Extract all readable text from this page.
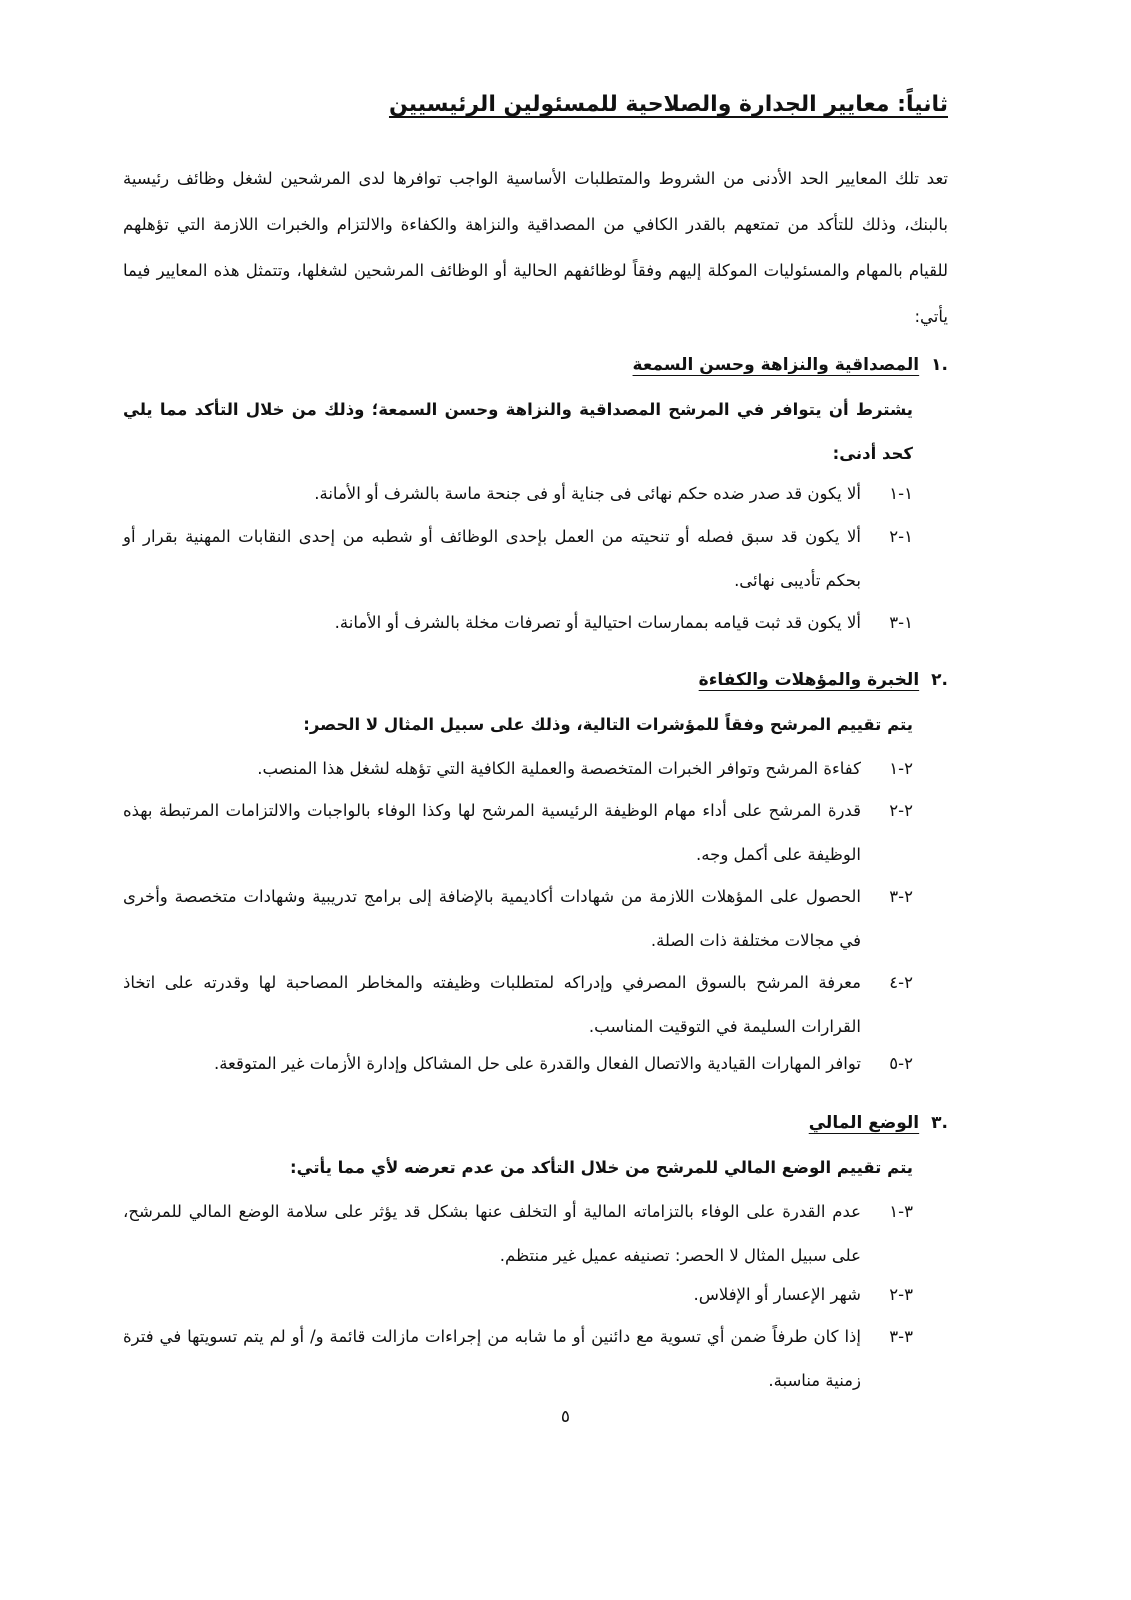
ثانياً: معايير الجدارة والصلاحية للمسئولين الرئيسيين

تعد تلك المعايير الحد الأدنى من الشروط والمتطلبات الأساسية الواجب توافرها لدى المرشحين لشغل وظائف رئيسية بالبنك، وذلك للتأكد من تمتعهم بالقدر الكافي من المصداقية والنزاهة والكفاءة والالتزام والخبرات اللازمة التي تؤهلهم للقيام بالمهام والمسئوليات الموكلة إليهم وفقاً لوظائفهم الحالية أو الوظائف المرشحين لشغلها، وتتمثل هذه المعايير فيما يأتي:

.١
المصداقية والنزاهة وحسن السمعة
يشترط أن يتوافر في المرشح المصداقية والنزاهة وحسن السمعة؛ وذلك من خلال التأكد مما يلي كحد أدنى:
١-١
ألا يكون قد صدر ضده حكم نهائى فى جناية أو فى جنحة ماسة بالشرف أو الأمانة.
١-٢
ألا يكون قد سبق فصله أو تنحيته من العمل بإحدى الوظائف أو شطبه من إحدى النقابات المهنية بقرار أو بحكم تأديبى نهائى.
١-٣
ألا يكون قد ثبت قيامه بممارسات احتيالية أو تصرفات مخلة بالشرف أو الأمانة.
.٢
الخبرة والمؤهلات والكفاءة
يتم تقييم المرشح وفقاً للمؤشرات التالية، وذلك على سبيل المثال لا الحصر:
٢-١
كفاءة المرشح وتوافر الخبرات المتخصصة والعملية الكافية التي تؤهله لشغل هذا المنصب.
٢-٢
قدرة المرشح على أداء مهام الوظيفة الرئيسية المرشح لها وكذا الوفاء بالواجبات والالتزامات المرتبطة بهذه الوظيفة على أكمل وجه.
٢-٣
الحصول على المؤهلات اللازمة من شهادات أكاديمية بالإضافة إلى برامج تدريبية وشهادات متخصصة وأخرى في مجالات مختلفة ذات الصلة.
٢-٤
معرفة المرشح بالسوق المصرفي وإدراكه لمتطلبات وظيفته والمخاطر المصاحبة لها وقدرته على اتخاذ القرارات السليمة في التوقيت المناسب.
٢-٥
توافر المهارات القيادية والاتصال الفعال والقدرة على حل المشاكل وإدارة الأزمات غير المتوقعة.
.٣
الوضع المالي
يتم تقييم الوضع المالي للمرشح من خلال التأكد من عدم تعرضه لأي مما يأتي:
٣-١
عدم القدرة على الوفاء بالتزاماته المالية أو التخلف عنها بشكل قد يؤثر على سلامة الوضع المالي للمرشح، على سبيل المثال لا الحصر: تصنيفه عميل غير منتظم.
٣-٢
شهر الإعسار أو الإفلاس.
٣-٣
إذا كان طرفاً ضمن أي تسوية مع دائنين أو ما شابه من إجراءات مازالت قائمة و/ أو لم يتم تسويتها في فترة زمنية مناسبة.
٥
